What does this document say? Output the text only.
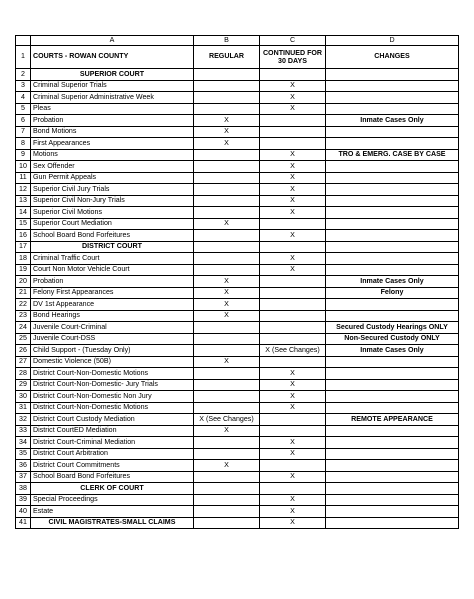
	A	B	C	D
1	COURTS - ROWAN COUNTY	REGULAR	CONTINUED FOR 30 DAYS	CHANGES
2	SUPERIOR COURT			
3	Criminal Superior Trials		X	
4	Criminal Superior Administrative Week		X	
5	Pleas		X	
6	Probation	X		Inmate Cases Only
7	Bond Motions	X		
8	First Appearances	X		
9	Motions		X	TRO & EMERG. CASE BY CASE
10	Sex Offender		X	
11	Gun Permit Appeals		X	
12	Superior Civil Jury Trials		X	
13	Superior Civil Non-Jury Trials		X	
14	Superior Civil Motions		X	
15	Superior Court Mediation	X		
16	School Board Bond Forfeitures		X	
17	DISTRICT COURT			
18	Criminal Traffic Court		X	
19	Court Non Motor Vehicle Court		X	
20	Probation	X		Inmate Cases Only
21	Felony First Appearances	X		Felony
22	DV 1st Appearance	X		
23	Bond Hearings	X		
24	Juvenile Court-Criminal			Secured Custody Hearings ONLY
25	Juvenile Court-DSS			Non-Secured Custody ONLY
26	Child Support - (Tuesday Only)		X (See Changes)	Inmate Cases Only
27	Domestic Violence (50B)	X		
28	District Court-Non-Domestic Motions		X	
29	District Court-Non-Domestic- Jury Trials		X	
30	District Court-Non-Domestic Non Jury		X	
31	District Court-Non-Domestic Motions		X	
32	District Court Custody Mediation	X (See Changes)		REMOTE APPEARANCE
33	District CourtED Mediation	X		
34	District Court-Criminal Mediation		X	
35	District Court Arbitration		X	
36	District Court Commitments	X		
37	School Board Bond Forfeitures		X	
38	CLERK OF COURT			
39	Special Proceedings		X	
40	Estate		X	
41	CIVIL MAGISTRATES-SMALL CLAIMS		X	
